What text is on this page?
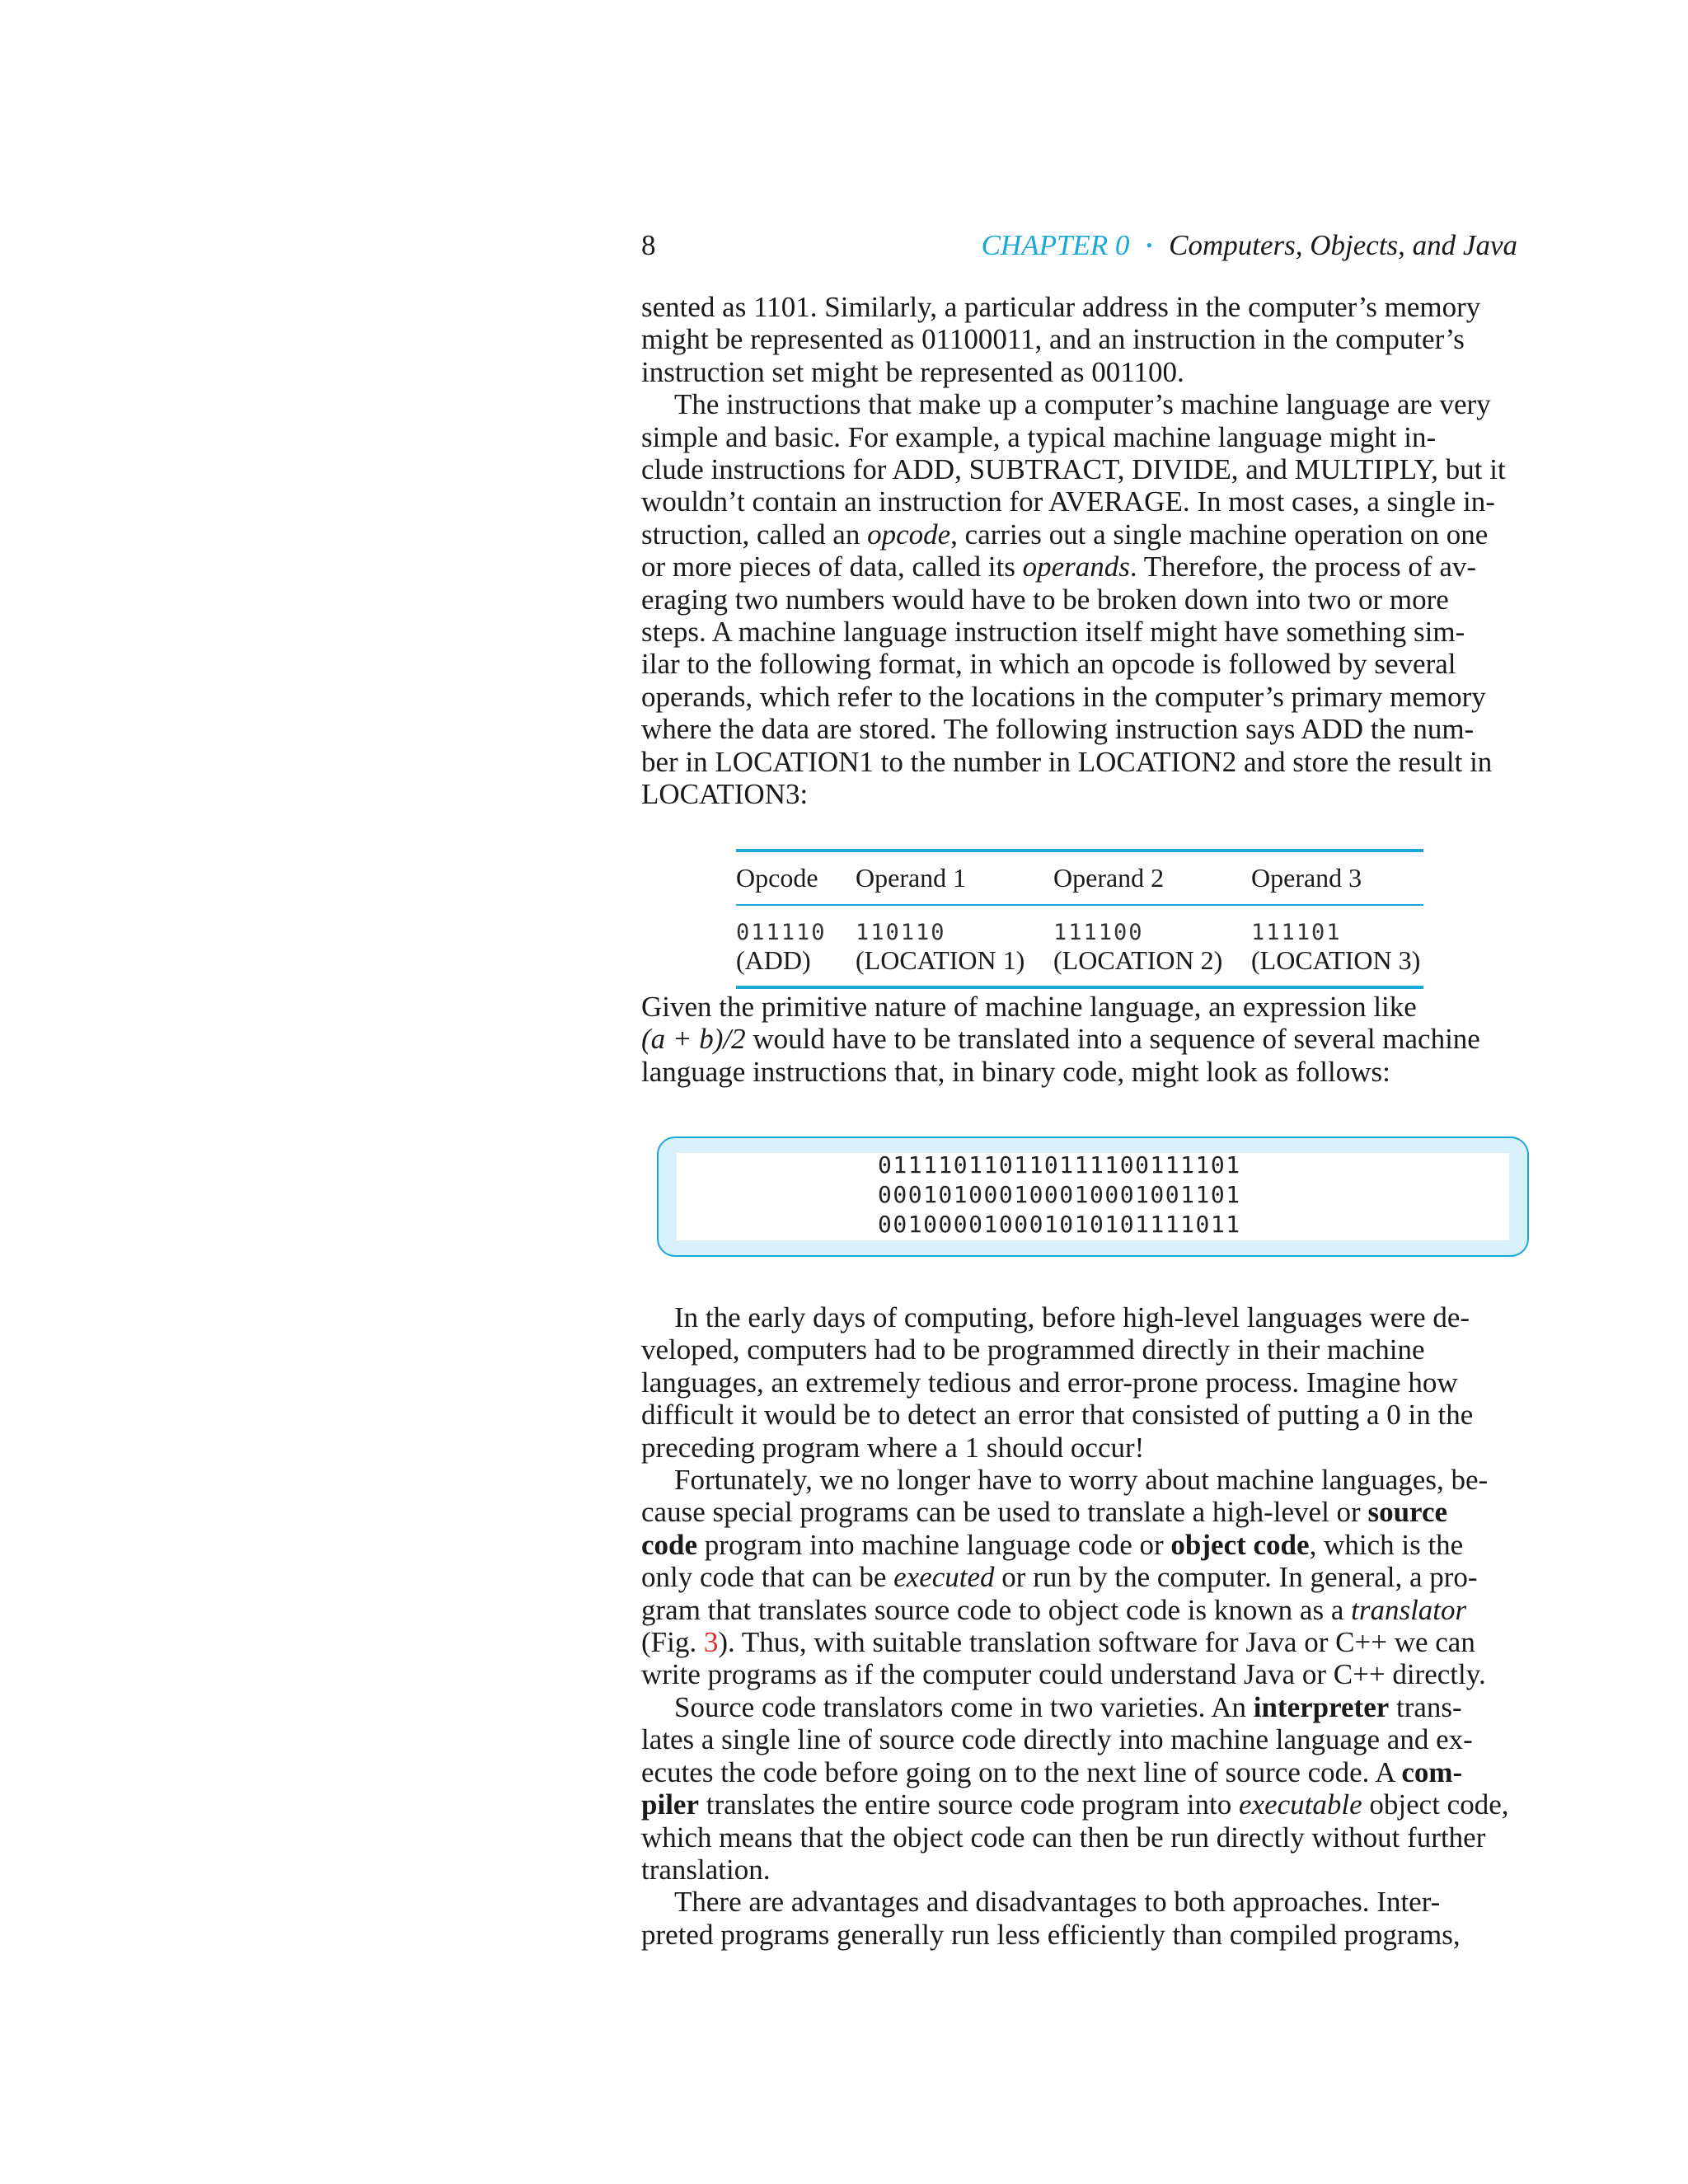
8	CHAPTER 0 • Computers, Objects, and Java

sented as 1101. Similarly, a particular address in the computer’s memory
might be represented as 01100011, and an instruction in the computer’s
instruction set might be represented as 001100.

The instructions that make up a computer’s machine language are very
simple and basic. For example, a typical machine language might in-
clude instructions for ADD, SUBTRACT, DIVIDE, and MULTIPLY, but it
wouldn’t contain an instruction for AVERAGE. In most cases, a single in-
struction, called an opcode, carries out a single machine operation on one
or more pieces of data, called its operands. Therefore, the process of av-
eraging two numbers would have to be broken down into two or more
steps. A machine language instruction itself might have something sim-
ilar to the following format, in which an opcode is followed by several
operands, which refer to the locations in the computer’s primary memory
where the data are stored. The following instruction says ADD the num-
ber in LOCATION1 to the number in LOCATION2 and store the result in
LOCATION3:

Opcode Operand 1	Operand 2	Operand 3
011110 110110	111100	111101
(ADD) (LOCATION 1) (LOCATION 2) (LOCATION 3)

Given the primitive nature of machine language, an expression like
(a + b)/2 would have to be translated into a sequence of several machine
language instructions that, in binary code, might look as follows:

011110110110111100111101
000101000100010001001101
001000010001010101111011

In the early days of computing, before high-level languages were de-
veloped, computers had to be programmed directly in their machine
languages, an extremely tedious and error-prone process. Imagine how
difficult it would be to detect an error that consisted of putting a 0 in the
preceding program where a 1 should occur!

Fortunately, we no longer have to worry about machine languages, be-
cause special programs can be used to translate a high-level or source
code program into machine language code or object code, which is the
only code that can be executed or run by the computer. In general, a pro-
gram that translates source code to object code is known as a translator
(Fig. 3). Thus, with suitable translation software for Java or C++ we can
write programs as if the computer could understand Java or C++ directly.

Source code translators come in two varieties. An interpreter trans-
lates a single line of source code directly into machine language and ex-
ecutes the code before going on to the next line of source code. A com-
piler translates the entire source code program into executable object code,
which means that the object code can then be run directly without further
translation.

There are advantages and disadvantages to both approaches. Inter-
preted programs generally run less efficiently than compiled programs,
